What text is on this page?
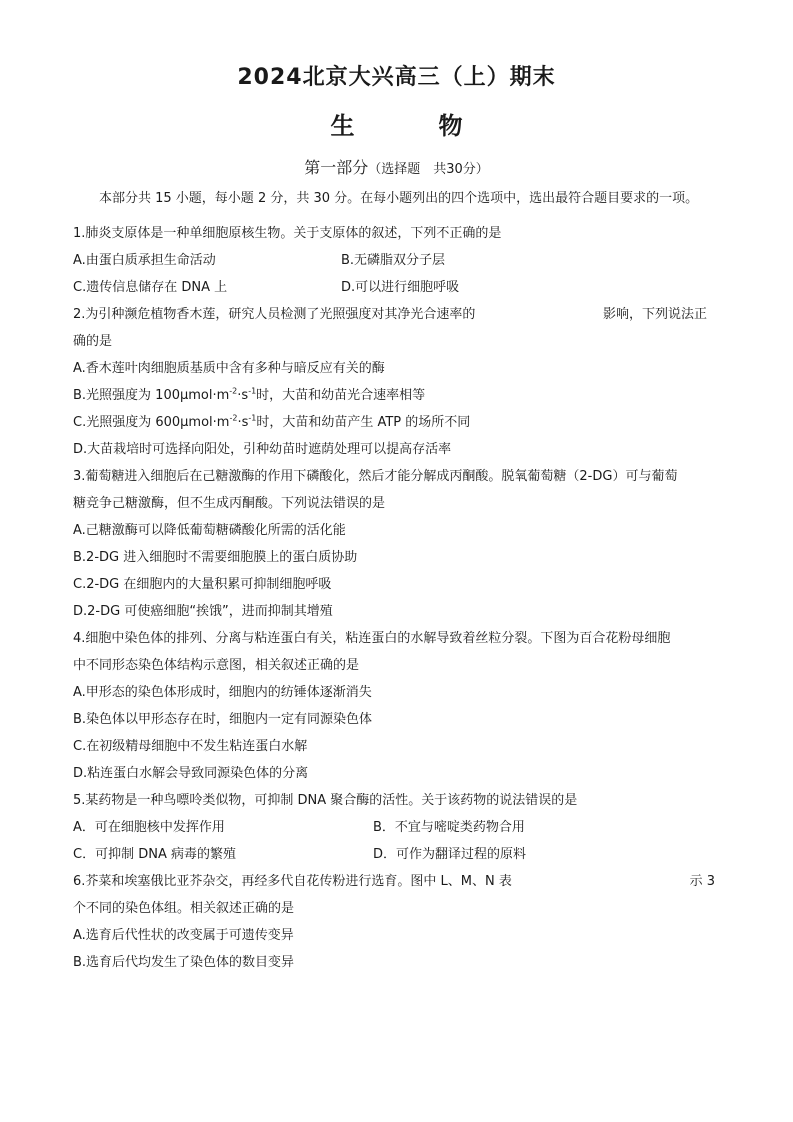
2024北京大兴高三（上）期末
生	物
第一部分（选择题　共30分）
本部分共 15 小题，每小题 2 分，共 30 分。在每小题列出的四个选项中，选出最符合题目要求的一项。
1.肺炎支原体是一种单细胞原核生物。关于支原体的叙述，下列不正确的是
A.由蛋白质承担生命活动	B.无磷脂双分子层
C.遗传信息储存在 DNA 上	D.可以进行细胞呼吸
2.为引种濒危植物香木莲，研究人员检测了光照强度对其净光合速率的	影响，下列说法正
确的是
A.香木莲叶肉细胞质基质中含有多种与暗反应有关的酶
B.光照强度为 $100\mu mol\cdot m^{-2}\cdot s^{-1}$时，大苗和幼苗光合速率相等
C.光照强度为 $600\mu mol\cdot m^{-2}\cdot s^{-1}$时，大苗和幼苗产生 ATP 的场所不同
D.大苗栽培时可选择向阳处，引种幼苗时遮荫处理可以提高存活率
3.葡萄糖进入细胞后在己糖激酶的作用下磷酸化，然后才能分解成丙酮酸。脱氧葡萄糖（2-DG）可与葡萄
糖竞争己糖激酶，但不生成丙酮酸。下列说法错误的是
A.己糖激酶可以降低葡萄糖磷酸化所需的活化能
B.2-DG 进入细胞时不需要细胞膜上的蛋白质协助
C.2-DG 在细胞内的大量积累可抑制细胞呼吸
D.2-DG 可使癌细胞“挨饿”，进而抑制其增殖
4.细胞中染色体的排列、分离与粘连蛋白有关，粘连蛋白的水解导致着丝粒分裂。下图为百合花粉母细胞
中不同形态染色体结构示意图，相关叙述正确的是
A.甲形态的染色体形成时，细胞内的纺锤体逐渐消失
B.染色体以甲形态存在时，细胞内一定有同源染色体
C.在初级精母细胞中不发生粘连蛋白水解
D.粘连蛋白水解会导致同源染色体的分离
5.某药物是一种鸟嘌呤类似物，可抑制 DNA 聚合酶的活性。关于该药物的说法错误的是
A．可在细胞核中发挥作用	B．不宜与嘧啶类药物合用
C．可抑制 DNA 病毒的繁殖	D．可作为翻译过程的原料
6.芥菜和埃塞俄比亚芥杂交，再经多代自花传粉进行选育。图中 L、M、N 表	示 3
个不同的染色体组。相关叙述正确的是
A.选育后代性状的改变属于可遗传变异
B.选育后代均发生了染色体的数目变异
